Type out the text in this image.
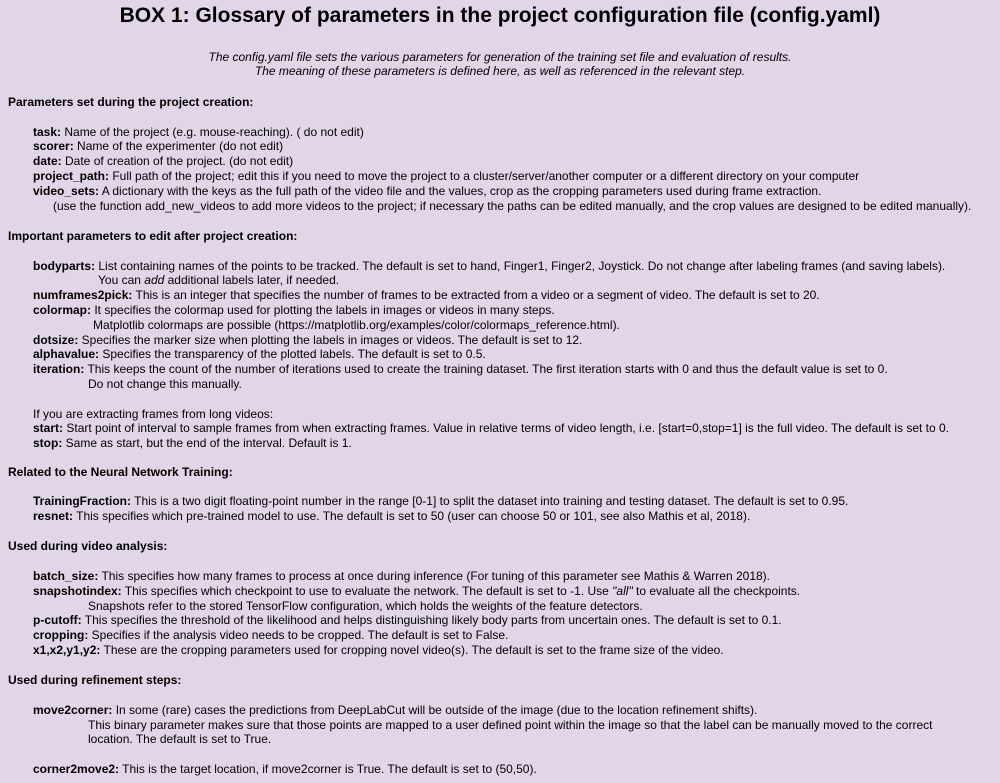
BOX 1: Glossary of parameters in the project configuration file (config.yaml)
The config.yaml file sets the various parameters for generation of the training set file and evaluation of results.
The meaning of these parameters is defined here, as well as referenced in the relevant step.
Parameters set during the project creation:
task: Name of the project (e.g. mouse-reaching). ( do not edit)
scorer: Name of the experimenter (do not edit)
date: Date of creation of the project. (do not edit)
project_path: Full path of the project; edit this if you need to move the project to a cluster/server/another computer or a different directory on your computer
video_sets: A dictionary with the keys as the full path of the video file and the values, crop as the cropping parameters used during frame extraction.
(use the function add_new_videos to add more videos to the project; if necessary the paths can be edited manually, and the crop values are designed to be edited manually).
Important parameters to edit after project creation:
bodyparts: List containing names of the points to be tracked. The default is set to hand, Finger1, Finger2, Joystick. Do not change after labeling frames (and saving labels).
You can add additional labels later, if needed.
numframes2pick: This is an integer that specifies the number of frames to be extracted from a video or a segment of video. The default is set to 20.
colormap: It specifies the colormap used for plotting the labels in images or videos in many steps.
Matplotlib colormaps are possible (https://matplotlib.org/examples/color/colormaps_reference.html).
dotsize: Specifies the marker size when plotting the labels in images or videos. The default is set to 12.
alphavalue: Specifies the transparency of the plotted labels. The default is set to 0.5.
iteration: This keeps the count of the number of iterations used to create the training dataset. The first iteration starts with 0 and thus the default value is set to 0.
Do not change this manually.
If you are extracting frames from long videos:
start: Start point of interval to sample frames from when extracting frames. Value in relative terms of video length, i.e. [start=0,stop=1] is the full video. The default is set to 0.
stop: Same as start, but the end of the interval. Default is 1.
Related to the Neural Network Training:
TrainingFraction: This is a two digit floating-point number in the range [0-1] to split the dataset into training and testing dataset. The default is set to 0.95.
resnet: This specifies which pre-trained model to use. The default is set to 50 (user can choose 50 or 101, see also Mathis et al, 2018).
Used during video analysis:
batch_size: This specifies how many frames to process at once during inference (For tuning of this parameter see Mathis & Warren 2018).
snapshotindex: This specifies which checkpoint to use to evaluate the network. The default is set to -1. Use "all" to evaluate all the checkpoints.
Snapshots refer to the stored TensorFlow configuration, which holds the weights of the feature detectors.
p-cutoff: This specifies the threshold of the likelihood and helps distinguishing likely body parts from uncertain ones. The default is set to 0.1.
cropping: Specifies if the analysis video needs to be cropped. The default is set to False.
x1,x2,y1,y2: These are the cropping parameters used for cropping novel video(s). The default is set to the frame size of the video.
Used during refinement steps:
move2corner: In some (rare) cases the predictions from DeepLabCut will be outside of the image (due to the location refinement shifts).
This binary parameter makes sure that those points are mapped to a user defined point within the image so that the label can be manually moved to the correct
location. The default is set to True.
corner2move2: This is the target location, if move2corner is True. The default is set to (50,50).
